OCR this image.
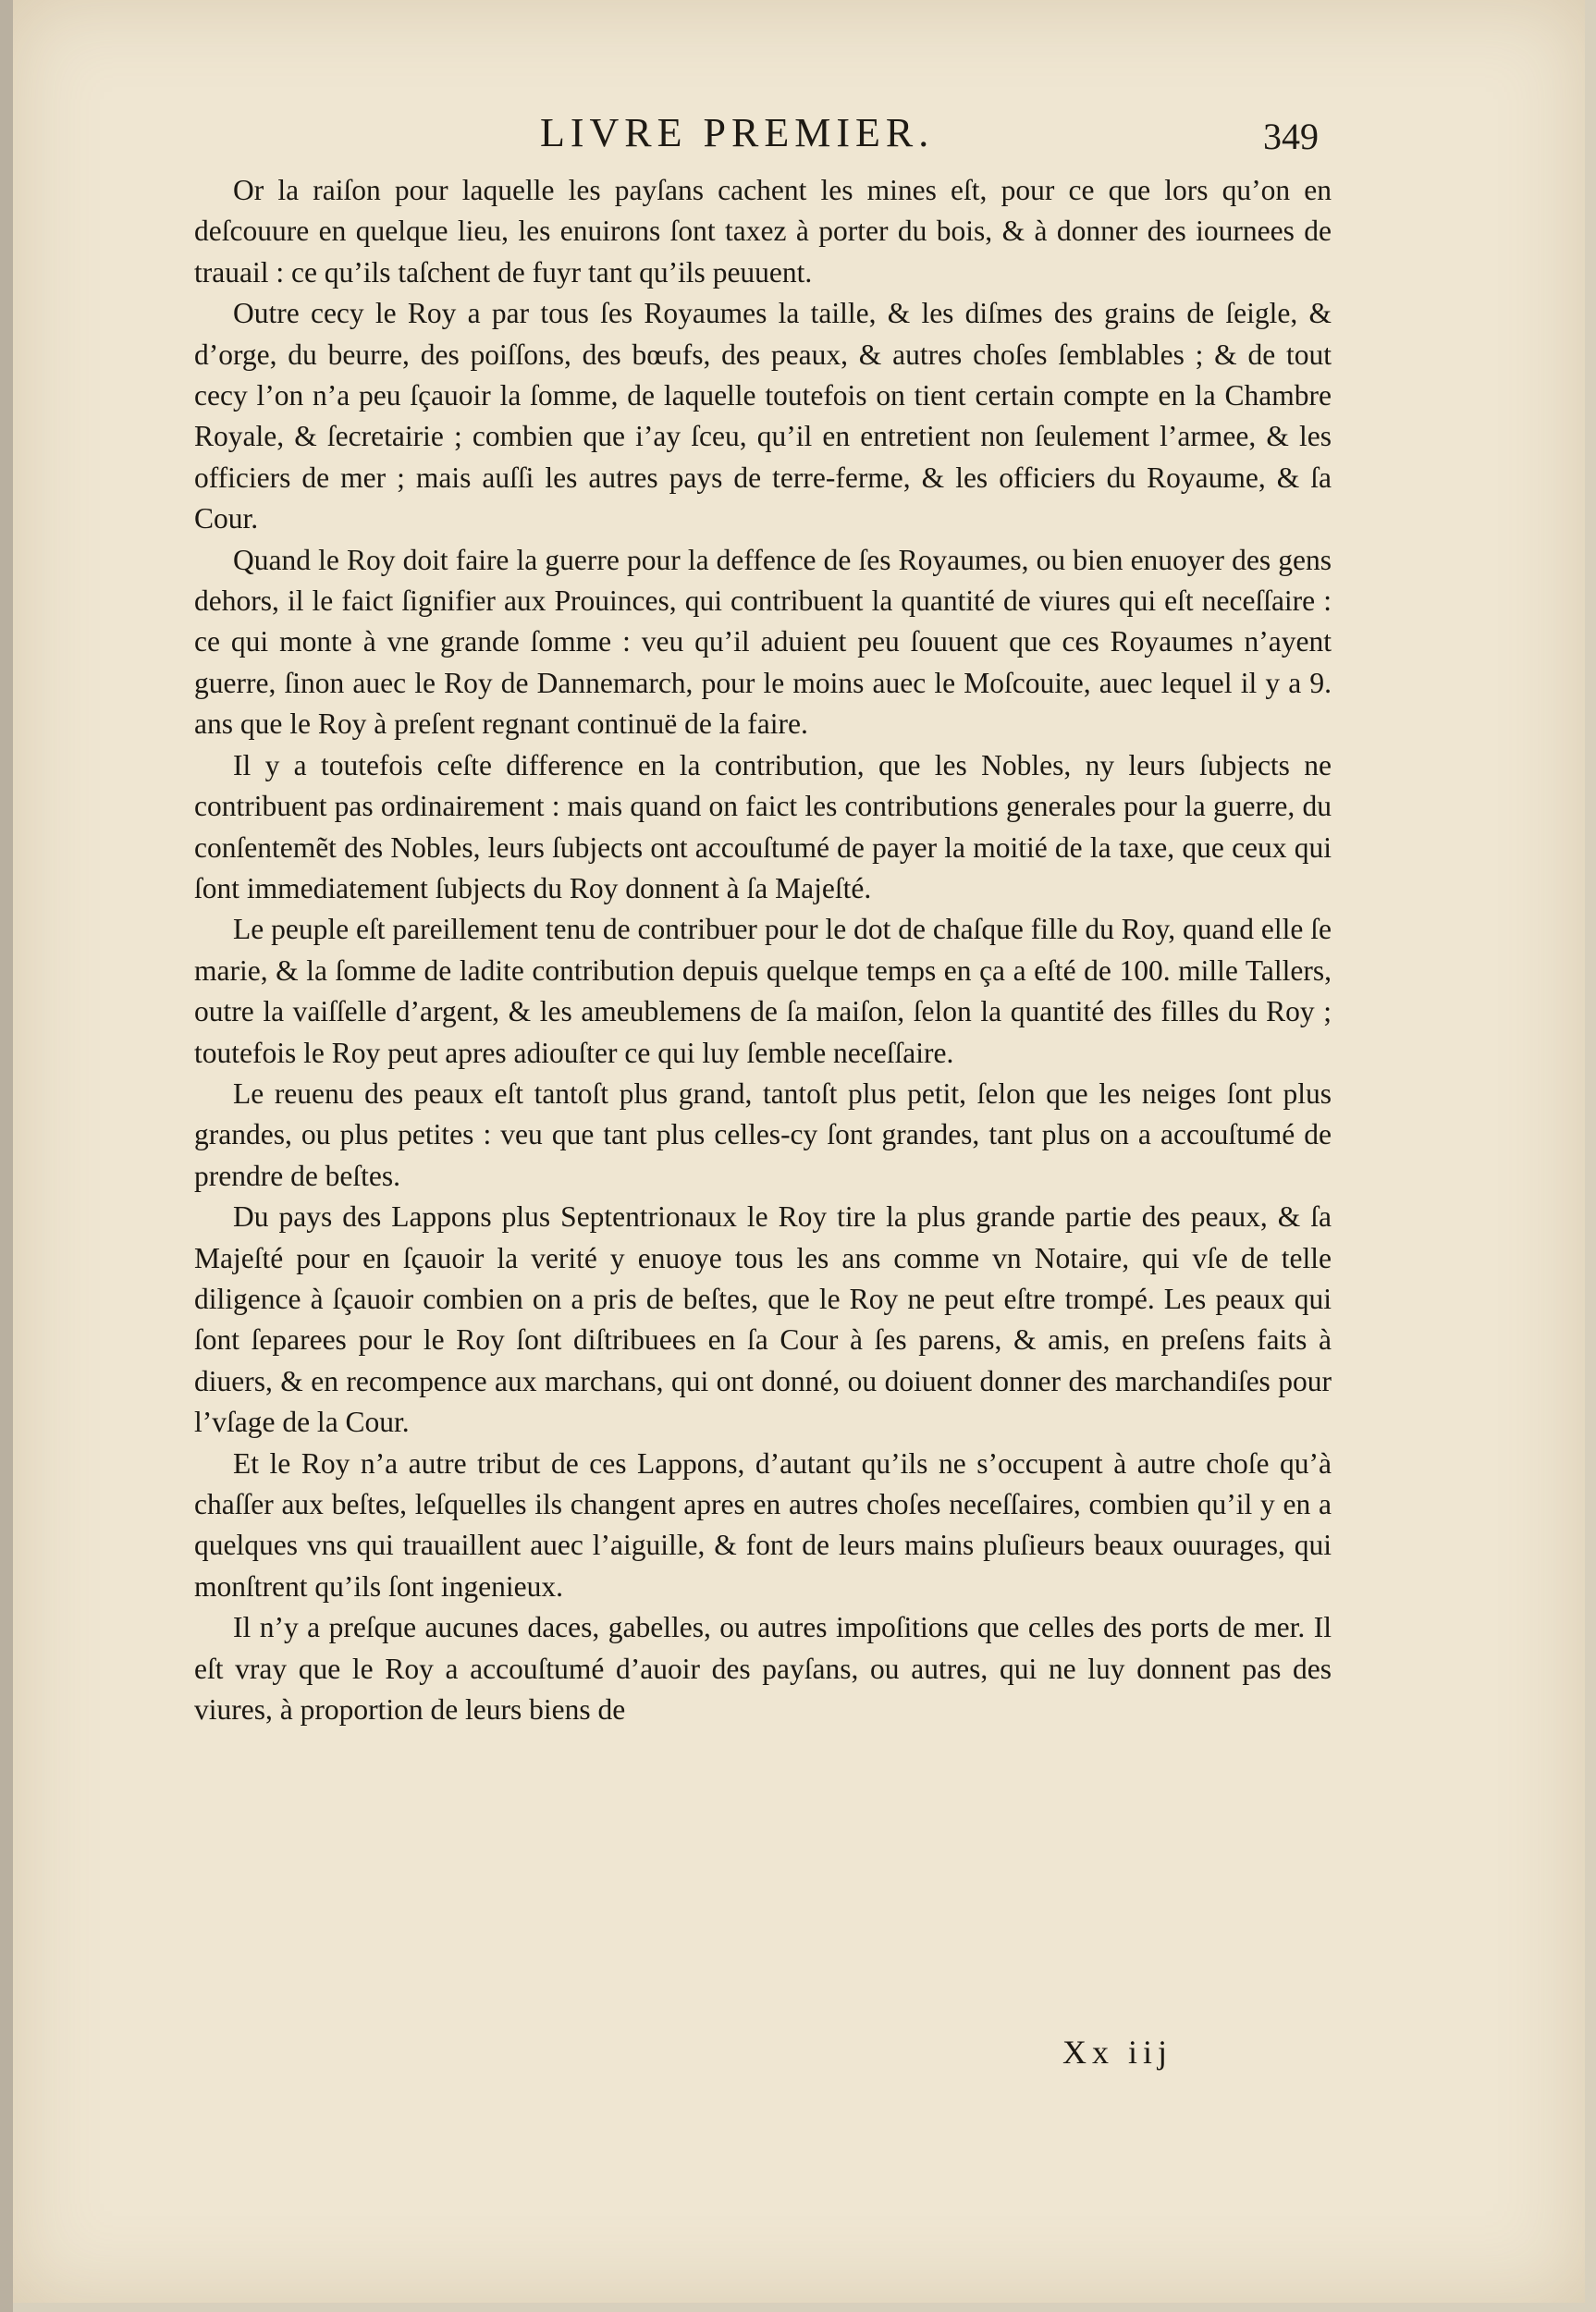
LIVRE PREMIER.	349

Or la raiſon pour laquelle les payſans cachent les mines eſt, pour ce que lors qu’on en deſcouure en quelque lieu, les enuirons ſont taxez à porter du bois, & à donner des iournees de trauail : ce qu’ils taſchent de fuyr tant qu’ils peuuent.

Outre cecy le Roy a par tous ſes Royaumes la taille, & les diſmes des grains de ſeigle, & d’orge, du beurre, des poiſſons, des bœufs, des peaux, & autres choſes ſemblables ; & de tout cecy l’on n’a peu ſçauoir la ſomme, de laquelle toutefois on tient certain compte en la Chambre Royale, & ſecretairie ; combien que i’ay ſceu, qu’il en entretient non ſeulement l’armee, & les officiers de mer ; mais auſſi les autres pays de terre-ferme, & les officiers du Royaume, & ſa Cour.

Quand le Roy doit faire la guerre pour la deffence de ſes Royaumes, ou bien enuoyer des gens dehors, il le faict ſignifier aux Prouinces, qui contribuent la quantité de viures qui eſt neceſſaire : ce qui monte à vne grande ſomme : veu qu’il aduient peu ſouuent que ces Royaumes n’ayent guerre, ſinon auec le Roy de Dannemarch, pour le moins auec le Moſcouite, auec lequel il y a 9. ans que le Roy à preſent regnant continuë de la faire.

Il y a toutefois ceſte difference en la contribution, que les Nobles, ny leurs ſubjects ne contribuent pas ordinairement : mais quand on faict les contributions generales pour la guerre, du conſentemẽt des Nobles, leurs ſubjects ont accouſtumé de payer la moitié de la taxe, que ceux qui ſont immediatement ſubjects du Roy donnent à ſa Majeſté.

Le peuple eſt pareillement tenu de contribuer pour le dot de chaſque fille du Roy, quand elle ſe marie, & la ſomme de ladite contribution depuis quelque temps en ça a eſté de 100. mille Tallers, outre la vaiſſelle d’argent, & les ameublemens de ſa maiſon, ſelon la quantité des filles du Roy ; toutefois le Roy peut apres adiouſter ce qui luy ſemble neceſſaire.

Le reuenu des peaux eſt tantoſt plus grand, tantoſt plus petit, ſelon que les neiges ſont plus grandes, ou plus petites : veu que tant plus celles-cy ſont grandes, tant plus on a accouſtumé de prendre de beſtes.

Du pays des Lappons plus Septentrionaux le Roy tire la plus grande partie des peaux, & ſa Majeſté pour en ſçauoir la verité y enuoye tous les ans comme vn Notaire, qui vſe de telle diligence à ſçauoir combien on a pris de beſtes, que le Roy ne peut eſtre trompé. Les peaux qui ſont ſeparees pour le Roy ſont diſtribuees en ſa Cour à ſes parens, & amis, en preſens faits à diuers, & en recompence aux marchans, qui ont donné, ou doiuent donner des marchandiſes pour l’vſage de la Cour.

Et le Roy n’a autre tribut de ces Lappons, d’autant qu’ils ne s’occupent à autre choſe qu’à chaſſer aux beſtes, leſquelles ils changent apres en autres choſes neceſſaires, combien qu’il y en a quelques vns qui trauaillent auec l’aiguille, & font de leurs mains pluſieurs beaux ouurages, qui monſtrent qu’ils ſont ingenieux.

Il n’y a preſque aucunes daces, gabelles, ou autres impoſitions que celles des ports de mer. Il eſt vray que le Roy a accouſtumé d’auoir des payſans, ou autres, qui ne luy donnent pas des viures, à proportion de leurs biens de

Xx iij
